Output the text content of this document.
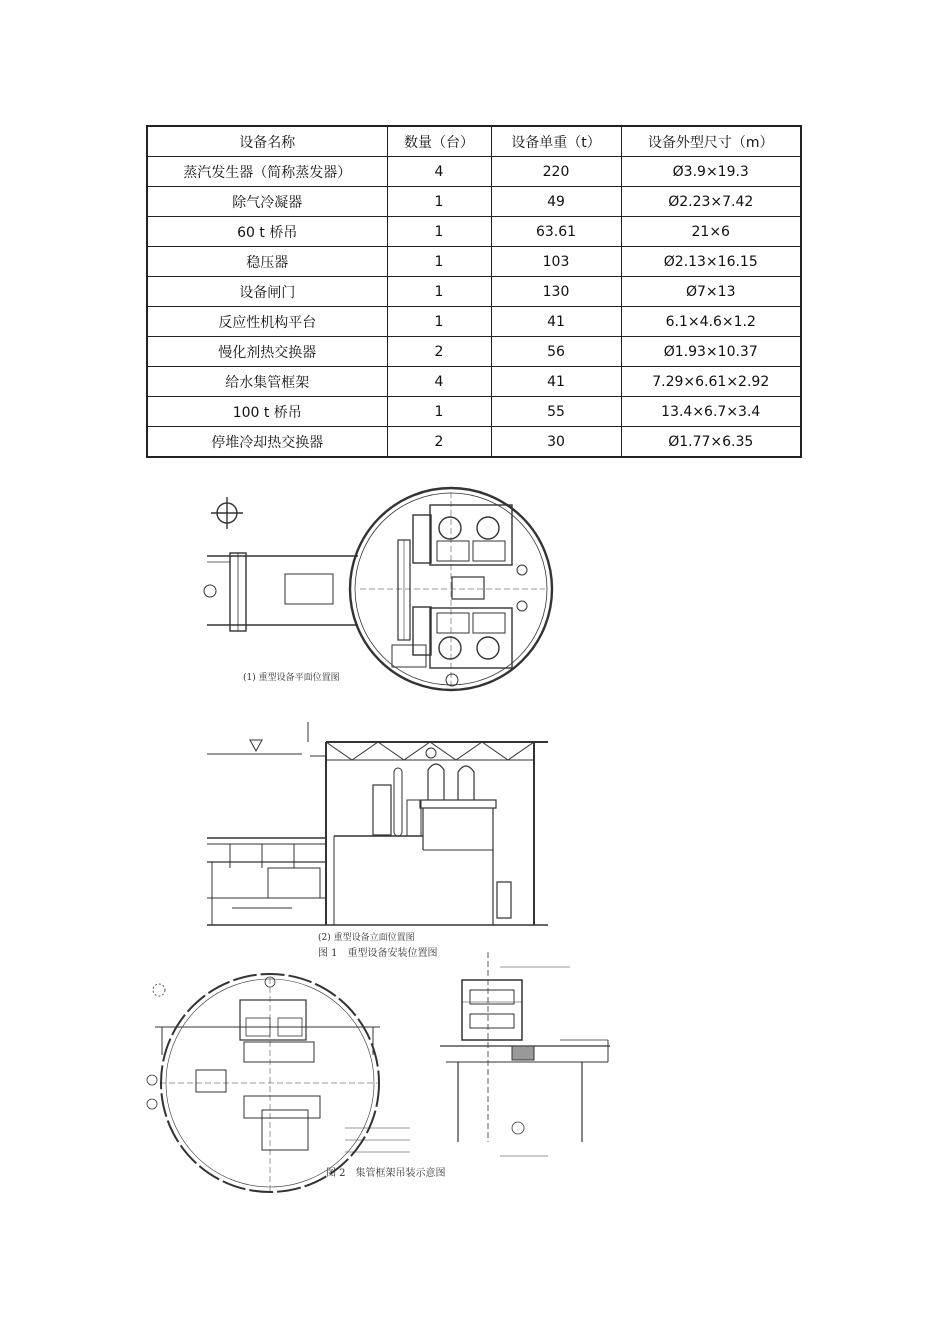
设备名称	数量（台）	设备单重（t）	设备外型尺寸（m）
蒸汽发生器（简称蒸发器）	4	220	Ø3.9×19.3
除气冷凝器	1	49	Ø2.23×7.42
60 t 桥吊	1	63.61	21×6
稳压器	1	103	Ø2.13×16.15
设备闸门	1	130	Ø7×13
反应性机构平台	1	41	6.1×4.6×1.2
慢化剂热交换器	2	56	Ø1.93×10.37
给水集管框架	4	41	7.29×6.61×2.92
100 t 桥吊	1	55	13.4×6.7×3.4
停堆冷却热交换器	2	30	Ø1.77×6.35
(1) 重型设备平面位置图
(2) 重型设备立面位置图
图 1　重型设备安装位置图
图 2　集管框架吊装示意图
